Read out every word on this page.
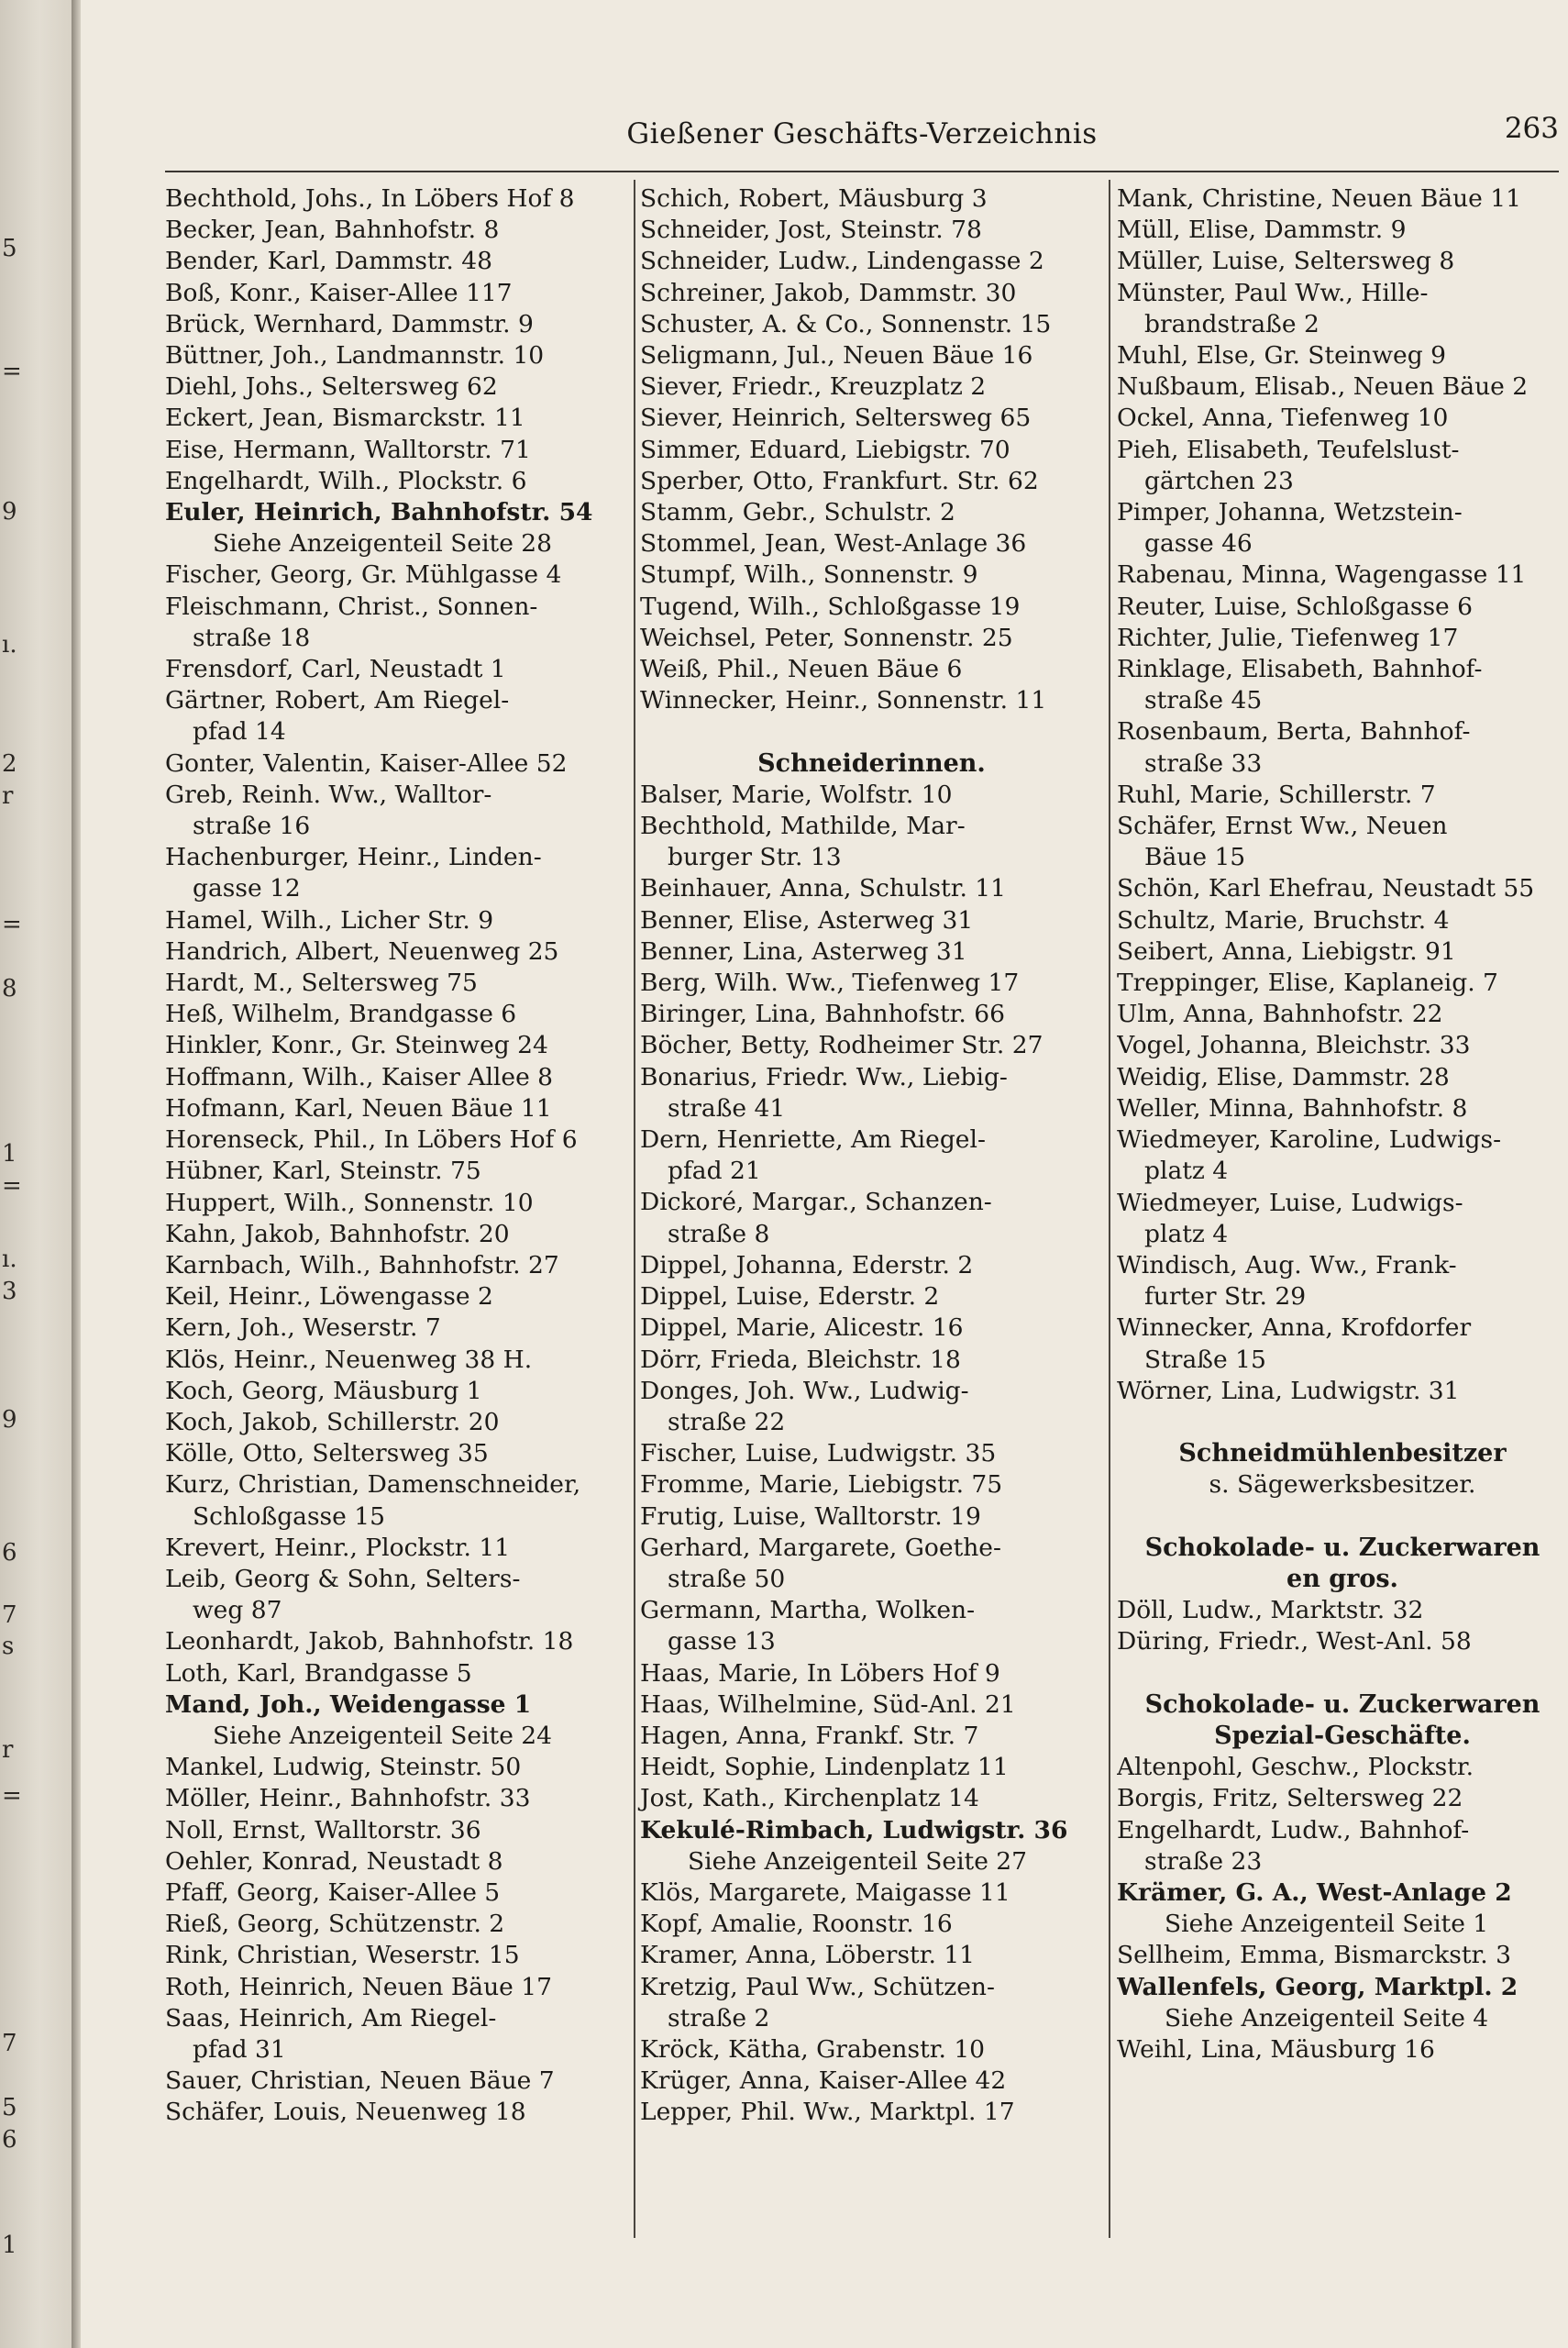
5
=
9
ı.
2
r
=
8
1
=
ı.
3
9
6
7
s
r
=
7
5
6
1
Gießener Geschäfts-Verzeichnis	263
Bechthold, Johs., In Löbers Hof 8
Becker, Jean, Bahnhofstr. 8
Bender, Karl, Dammstr. 48
Boß, Konr., Kaiser-Allee 117
Brück, Wernhard, Dammstr. 9
Büttner, Joh., Landmannstr. 10
Diehl, Johs., Seltersweg 62
Eckert, Jean, Bismarckstr. 11
Eise, Hermann, Walltorstr. 71
Engelhardt, Wilh., Plockstr. 6
Euler, Heinrich, Bahnhofstr. 54
Siehe Anzeigenteil Seite 28
Fischer, Georg, Gr. Mühlgasse 4
Fleischmann, Christ., Sonnen-
straße 18
Frensdorf, Carl, Neustadt 1
Gärtner, Robert, Am Riegel-
pfad 14
Gonter, Valentin, Kaiser-Allee 52
Greb, Reinh. Ww., Walltor-
straße 16
Hachenburger, Heinr., Linden-
gasse 12
Hamel, Wilh., Licher Str. 9
Handrich, Albert, Neuenweg 25
Hardt, M., Seltersweg 75
Heß, Wilhelm, Brandgasse 6
Hinkler, Konr., Gr. Steinweg 24
Hoffmann, Wilh., Kaiser Allee 8
Hofmann, Karl, Neuen Bäue 11
Horenseck, Phil., In Löbers Hof 6
Hübner, Karl, Steinstr. 75
Huppert, Wilh., Sonnenstr. 10
Kahn, Jakob, Bahnhofstr. 20
Karnbach, Wilh., Bahnhofstr. 27
Keil, Heinr., Löwengasse 2
Kern, Joh., Weserstr. 7
Klös, Heinr., Neuenweg 38 H.
Koch, Georg, Mäusburg 1
Koch, Jakob, Schillerstr. 20
Kölle, Otto, Seltersweg 35
Kurz, Christian, Damenschneider,
Schloßgasse 15
Krevert, Heinr., Plockstr. 11
Leib, Georg & Sohn, Selters-
weg 87
Leonhardt, Jakob, Bahnhofstr. 18
Loth, Karl, Brandgasse 5
Mand, Joh., Weidengasse 1
Siehe Anzeigenteil Seite 24
Mankel, Ludwig, Steinstr. 50
Möller, Heinr., Bahnhofstr. 33
Noll, Ernst, Walltorstr. 36
Oehler, Konrad, Neustadt 8
Pfaff, Georg, Kaiser-Allee 5
Rieß, Georg, Schützenstr. 2
Rink, Christian, Weserstr. 15
Roth, Heinrich, Neuen Bäue 17
Saas, Heinrich, Am Riegel-
pfad 31
Sauer, Christian, Neuen Bäue 7
Schäfer, Louis, Neuenweg 18
Schich, Robert, Mäusburg 3
Schneider, Jost, Steinstr. 78
Schneider, Ludw., Lindengasse 2
Schreiner, Jakob, Dammstr. 30
Schuster, A. & Co., Sonnenstr. 15
Seligmann, Jul., Neuen Bäue 16
Siever, Friedr., Kreuzplatz 2
Siever, Heinrich, Seltersweg 65
Simmer, Eduard, Liebigstr. 70
Sperber, Otto, Frankfurt. Str. 62
Stamm, Gebr., Schulstr. 2
Stommel, Jean, West-Anlage 36
Stumpf, Wilh., Sonnenstr. 9
Tugend, Wilh., Schloßgasse 19
Weichsel, Peter, Sonnenstr. 25
Weiß, Phil., Neuen Bäue 6
Winnecker, Heinr., Sonnenstr. 11
Schneiderinnen.
Balser, Marie, Wolfstr. 10
Bechthold, Mathilde, Mar-
burger Str. 13
Beinhauer, Anna, Schulstr. 11
Benner, Elise, Asterweg 31
Benner, Lina, Asterweg 31
Berg, Wilh. Ww., Tiefenweg 17
Biringer, Lina, Bahnhofstr. 66
Böcher, Betty, Rodheimer Str. 27
Bonarius, Friedr. Ww., Liebig-
straße 41
Dern, Henriette, Am Riegel-
pfad 21
Dickoré, Margar., Schanzen-
straße 8
Dippel, Johanna, Ederstr. 2
Dippel, Luise, Ederstr. 2
Dippel, Marie, Alicestr. 16
Dörr, Frieda, Bleichstr. 18
Donges, Joh. Ww., Ludwig-
straße 22
Fischer, Luise, Ludwigstr. 35
Fromme, Marie, Liebigstr. 75
Frutig, Luise, Walltorstr. 19
Gerhard, Margarete, Goethe-
straße 50
Germann, Martha, Wolken-
gasse 13
Haas, Marie, In Löbers Hof 9
Haas, Wilhelmine, Süd-Anl. 21
Hagen, Anna, Frankf. Str. 7
Heidt, Sophie, Lindenplatz 11
Jost, Kath., Kirchenplatz 14
Kekulé-Rimbach, Ludwigstr. 36
Siehe Anzeigenteil Seite 27
Klös, Margarete, Maigasse 11
Kopf, Amalie, Roonstr. 16
Kramer, Anna, Löberstr. 11
Kretzig, Paul Ww., Schützen-
straße 2
Kröck, Kätha, Grabenstr. 10
Krüger, Anna, Kaiser-Allee 42
Lepper, Phil. Ww., Marktpl. 17
Mank, Christine, Neuen Bäue 11
Müll, Elise, Dammstr. 9
Müller, Luise, Seltersweg 8
Münster, Paul Ww., Hille-
brandstraße 2
Muhl, Else, Gr. Steinweg 9
Nußbaum, Elisab., Neuen Bäue 2
Ockel, Anna, Tiefenweg 10
Pieh, Elisabeth, Teufelslust-
gärtchen 23
Pimper, Johanna, Wetzstein-
gasse 46
Rabenau, Minna, Wagengasse 11
Reuter, Luise, Schloßgasse 6
Richter, Julie, Tiefenweg 17
Rinklage, Elisabeth, Bahnhof-
straße 45
Rosenbaum, Berta, Bahnhof-
straße 33
Ruhl, Marie, Schillerstr. 7
Schäfer, Ernst Ww., Neuen
Bäue 15
Schön, Karl Ehefrau, Neustadt 55
Schultz, Marie, Bruchstr. 4
Seibert, Anna, Liebigstr. 91
Treppinger, Elise, Kaplaneig. 7
Ulm, Anna, Bahnhofstr. 22
Vogel, Johanna, Bleichstr. 33
Weidig, Elise, Dammstr. 28
Weller, Minna, Bahnhofstr. 8
Wiedmeyer, Karoline, Ludwigs-
platz 4
Wiedmeyer, Luise, Ludwigs-
platz 4
Windisch, Aug. Ww., Frank-
furter Str. 29
Winnecker, Anna, Krofdorfer
Straße 15
Wörner, Lina, Ludwigstr. 31
Schneidmühlenbesitzer
s. Sägewerksbesitzer.
Schokolade- u. Zuckerwaren
en gros.
Döll, Ludw., Marktstr. 32
Düring, Friedr., West-Anl. 58
Schokolade- u. Zuckerwaren
Spezial-Geschäfte.
Altenpohl, Geschw., Plockstr.
Borgis, Fritz, Seltersweg 22
Engelhardt, Ludw., Bahnhof-
straße 23
Krämer, G. A., West-Anlage 2
Siehe Anzeigenteil Seite 1
Sellheim, Emma, Bismarckstr. 3
Wallenfels, Georg, Marktpl. 2
Siehe Anzeigenteil Seite 4
Weihl, Lina, Mäusburg 16
